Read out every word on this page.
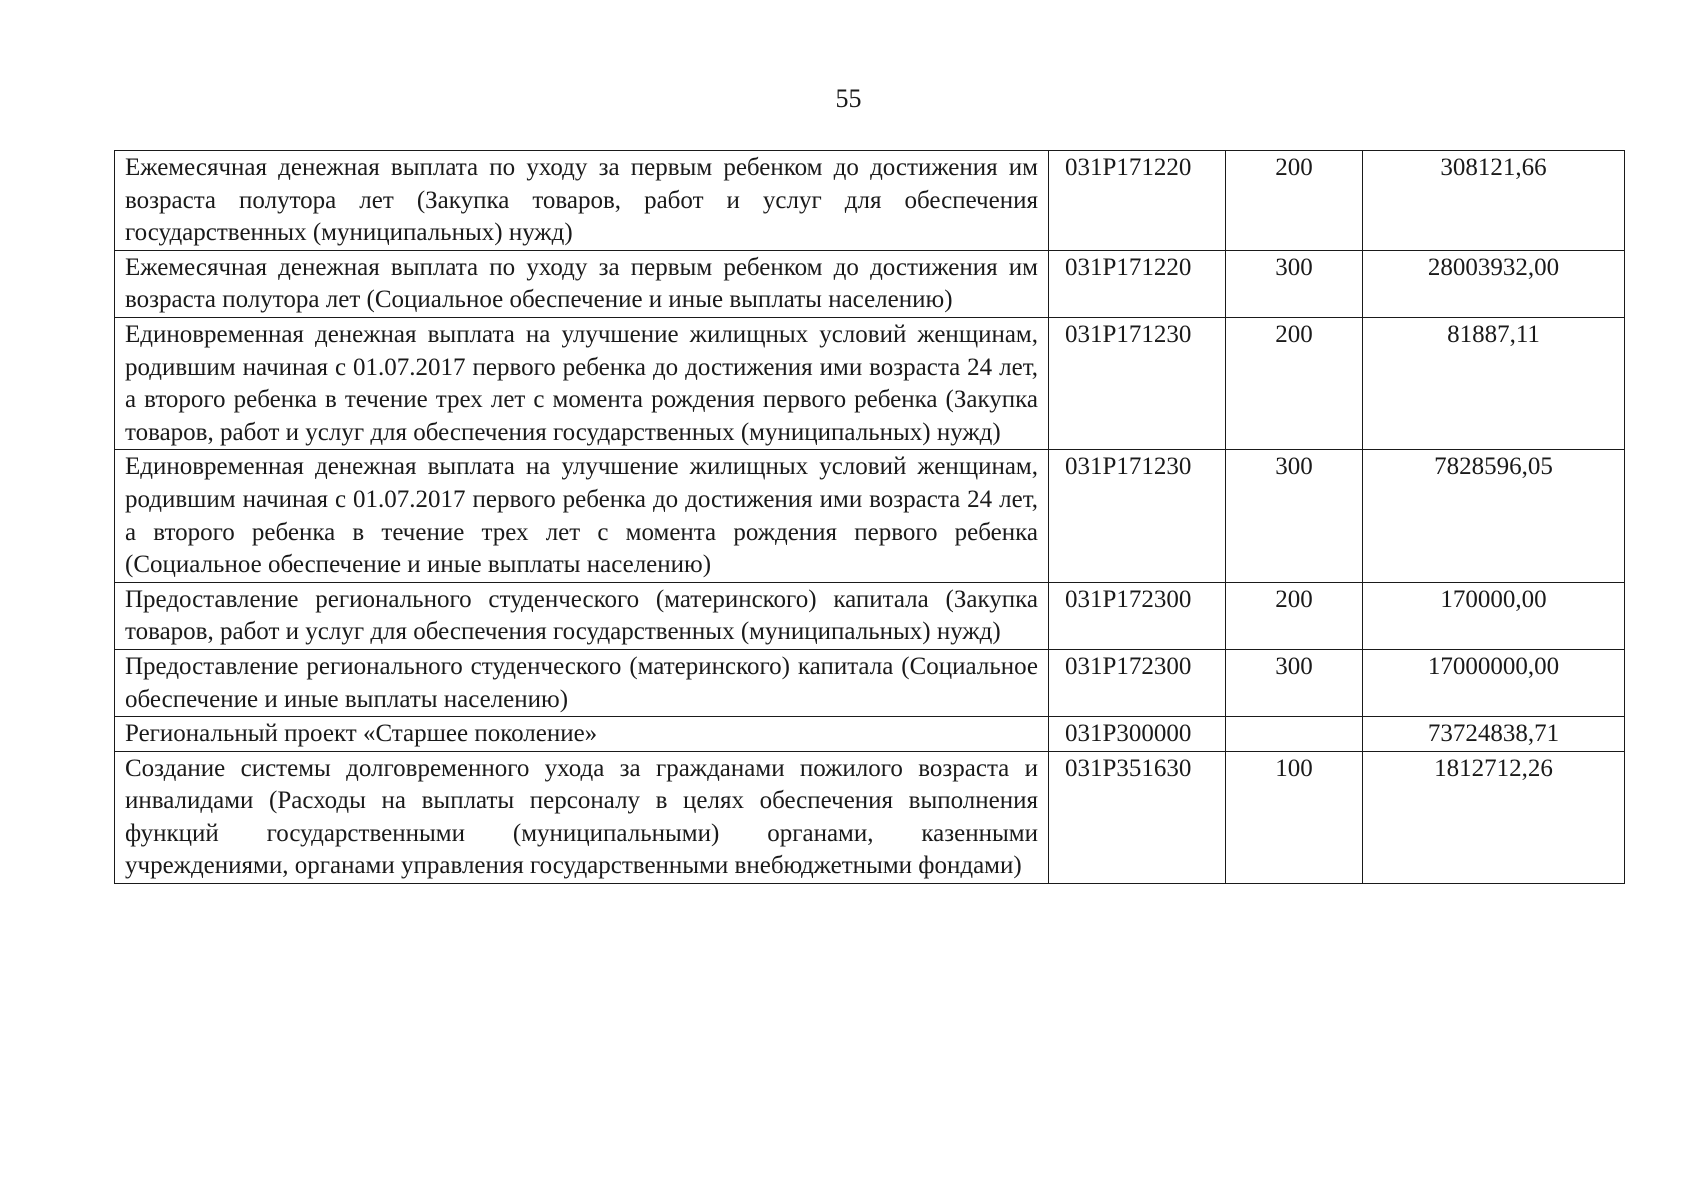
55
Ежемесячная денежная выплата по уходу за первым ребенком до достижения им возраста полутора лет (Закупка товаров, работ и услуг для обеспечения государственных (муниципальных) нужд)	031P171220	200	308121,66
Ежемесячная денежная выплата по уходу за первым ребенком до достижения им возраста полутора лет (Социальное обеспечение и иные выплаты населению)	031P171220	300	28003932,00
Единовременная денежная выплата на улучшение жилищных условий женщинам, родившим начиная с 01.07.2017 первого ребенка до достижения ими возраста 24 лет, а второго ребенка в течение трех лет с момента рождения первого ребенка (Закупка товаров, работ и услуг для обеспечения государственных (муниципальных) нужд)	031P171230	200	81887,11
Единовременная денежная выплата на улучшение жилищных условий женщинам, родившим начиная с 01.07.2017 первого ребенка до достижения ими возраста 24 лет, а второго ребенка в течение трех лет с момента рождения первого ребенка (Социальное обеспечение и иные выплаты населению)	031P171230	300	7828596,05
Предоставление регионального студенческого (материнского) капитала (Закупка товаров, работ и услуг для обеспечения государственных (муниципальных) нужд)	031P172300	200	170000,00
Предоставление регионального студенческого (материнского) капитала (Социальное обеспечение и иные выплаты населению)	031P172300	300	17000000,00
Региональный проект «Старшее поколение»	031P300000		73724838,71
Создание системы долговременного ухода за гражданами пожилого возраста и инвалидами (Расходы на выплаты персоналу в целях обеспечения выполнения функций государственными (муниципальными) органами, казенными учреждениями, органами управления государственными внебюджетными фондами)	031P351630	100	1812712,26
